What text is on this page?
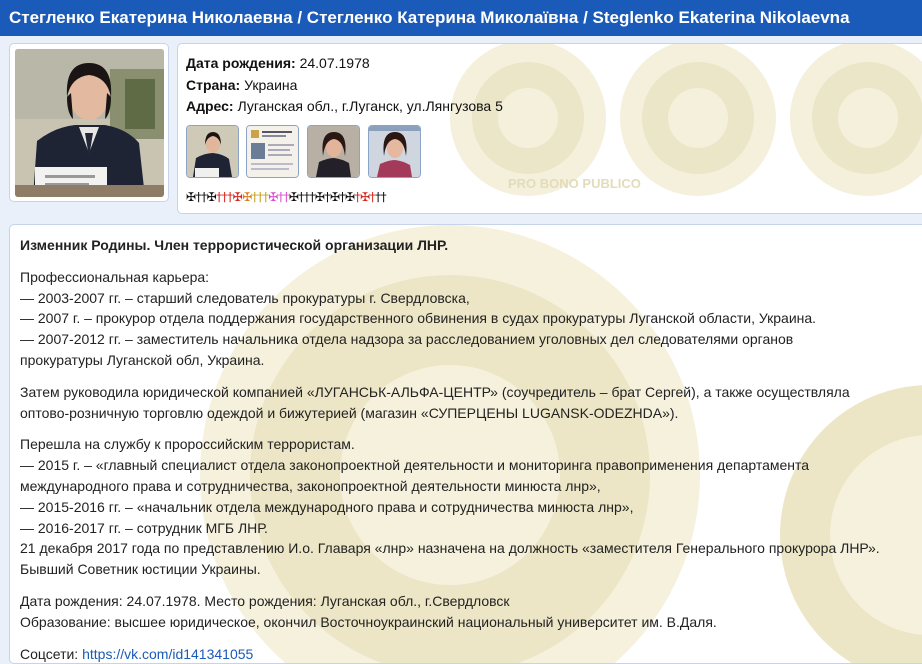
Стегленко Екатерина Николаевна / Стегленко Катерина Миколаївна / Steglenko Ekaterina Nikolaevna
PRO BONO PUBLICO
Дата рождения: 24.07.1978
Страна: Украина
Адрес: Луганская обл., г.Луганск, ул.Лянгузова 5
✠††✠†††✠✠†††✠††✠†††✠†✠†✠†✠†††

Изменник Родины. Член террористической организации ЛНР.

Профессиональная карьера:
— 2003-2007 гг. – старший следователь прокуратуры г. Свердловска,
— 2007 г. – прокурор отдела поддержания государственного обвинения в судах прокуратуры Луганской области, Украина.
— 2007-2012 гг. – заместитель начальника отдела надзора за расследованием уголовных дел следователями органов
прокуратуры Луганской обл, Украина.

Затем руководила юридической компанией «ЛУГАНСЬК-АЛЬФА-ЦЕНТР» (соучредитель – брат Сергей), а также осуществляла
оптово-розничную торговлю одеждой и бижутерией (магазин «СУПЕРЦЕНЫ LUGANSK-ODEZHDA»).

Перешла на службу к пророссийским террористам.
— 2015 г. – «главный специалист отдела законопроектной деятельности и мониторинга правоприменения департамента
международного права и сотрудничества, законопроектной деятельности минюста лнр»,
— 2015-2016 гг. – «начальник отдела международного права и сотрудничества минюста лнр»,
— 2016-2017 гг. – сотрудник МГБ ЛНР.
21 декабря 2017 года по представлению И.о. Главаря «лнр» назначена на должность «заместителя Генерального прокурора ЛНР».
Бывший Советник юстиции Украины.

Дата рождения: 24.07.1978. Место рождения: Луганская обл., г.Свердловск
Образование: высшее юридическое, окончил Восточноукраинский национальный университет им. В.Даля.

Соцсети: https://vk.com/id141341055
